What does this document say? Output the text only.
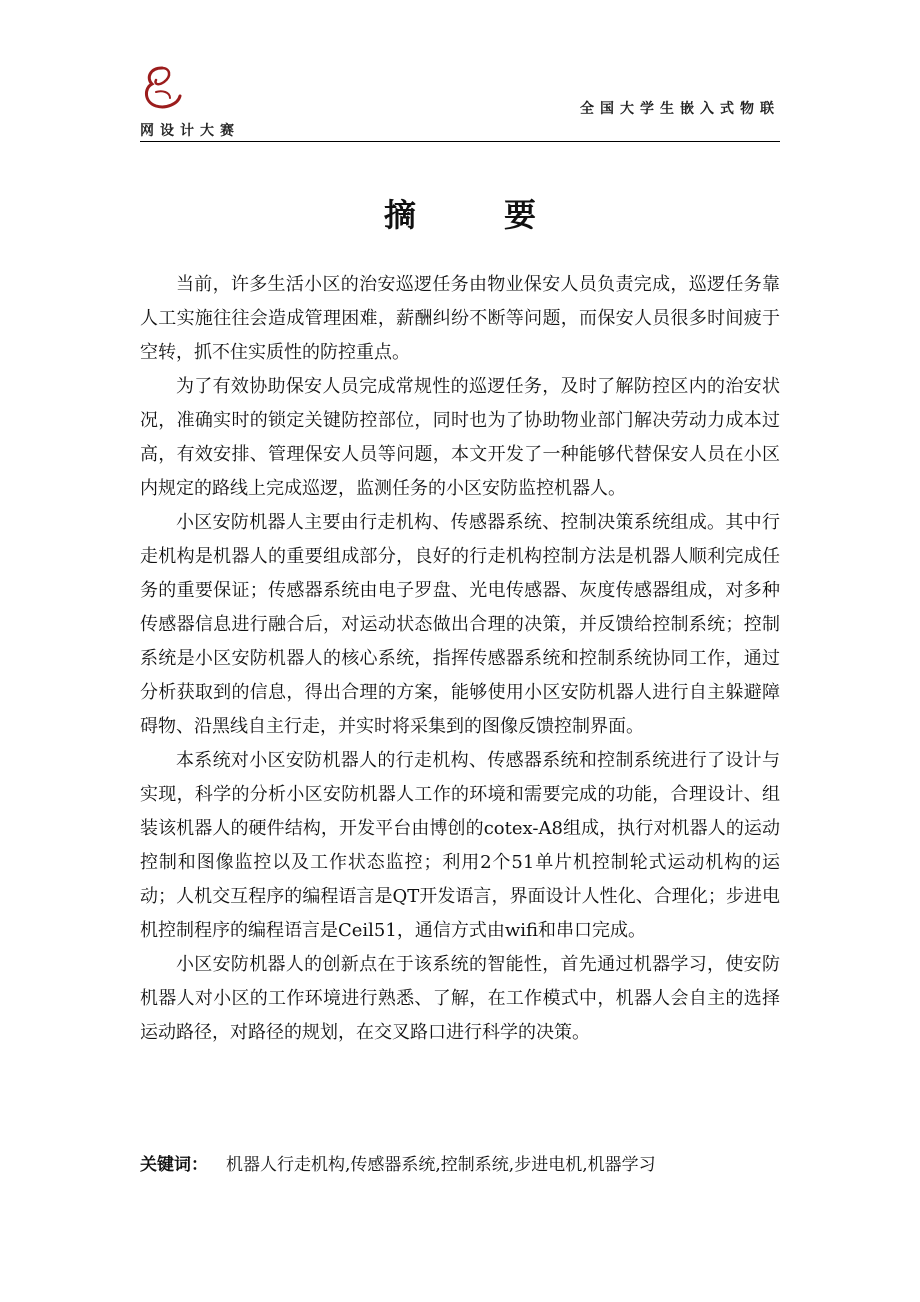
全国大学生嵌入式物联
网设计大赛
摘要

当前，许多生活小区的治安巡逻任务由物业保安人员负责完成，巡逻任务靠人工实施往往会造成管理困难，薪酬纠纷不断等问题，而保安人员很多时间疲于空转，抓不住实质性的防控重点。

为了有效协助保安人员完成常规性的巡逻任务，及时了解防控区内的治安状况，准确实时的锁定关键防控部位，同时也为了协助物业部门解决劳动力成本过高，有效安排、管理保安人员等问题，本文开发了一种能够代替保安人员在小区内规定的路线上完成巡逻，监测任务的小区安防监控机器人。

小区安防机器人主要由行走机构、传感器系统、控制决策系统组成。其中行走机构是机器人的重要组成部分，良好的行走机构控制方法是机器人顺利完成任务的重要保证；传感器系统由电子罗盘、光电传感器、灰度传感器组成，对多种传感器信息进行融合后，对运动状态做出合理的决策，并反馈给控制系统；控制系统是小区安防机器人的核心系统，指挥传感器系统和控制系统协同工作，通过分析获取到的信息，得出合理的方案，能够使用小区安防机器人进行自主躲避障碍物、沿黑线自主行走，并实时将采集到的图像反馈控制界面。

本系统对小区安防机器人的行走机构、传感器系统和控制系统进行了设计与实现，科学的分析小区安防机器人工作的环境和需要完成的功能，合理设计、组装该机器人的硬件结构，开发平台由博创的cotex-A8组成，执行对机器人的运动控制和图像监控以及工作状态监控；利用2个51单片机控制轮式运动机构的运动；人机交互程序的编程语言是QT开发语言，界面设计人性化、合理化；步进电机控制程序的编程语言是Ceil51，通信方式由wifi和串口完成。

小区安防机器人的创新点在于该系统的智能性，首先通过机器学习，使安防机器人对小区的工作环境进行熟悉、了解，在工作模式中，机器人会自主的选择运动路径，对路径的规划，在交叉路口进行科学的决策。

关键词： 机器人行走机构,传感器系统,控制系统,步进电机,机器学习
